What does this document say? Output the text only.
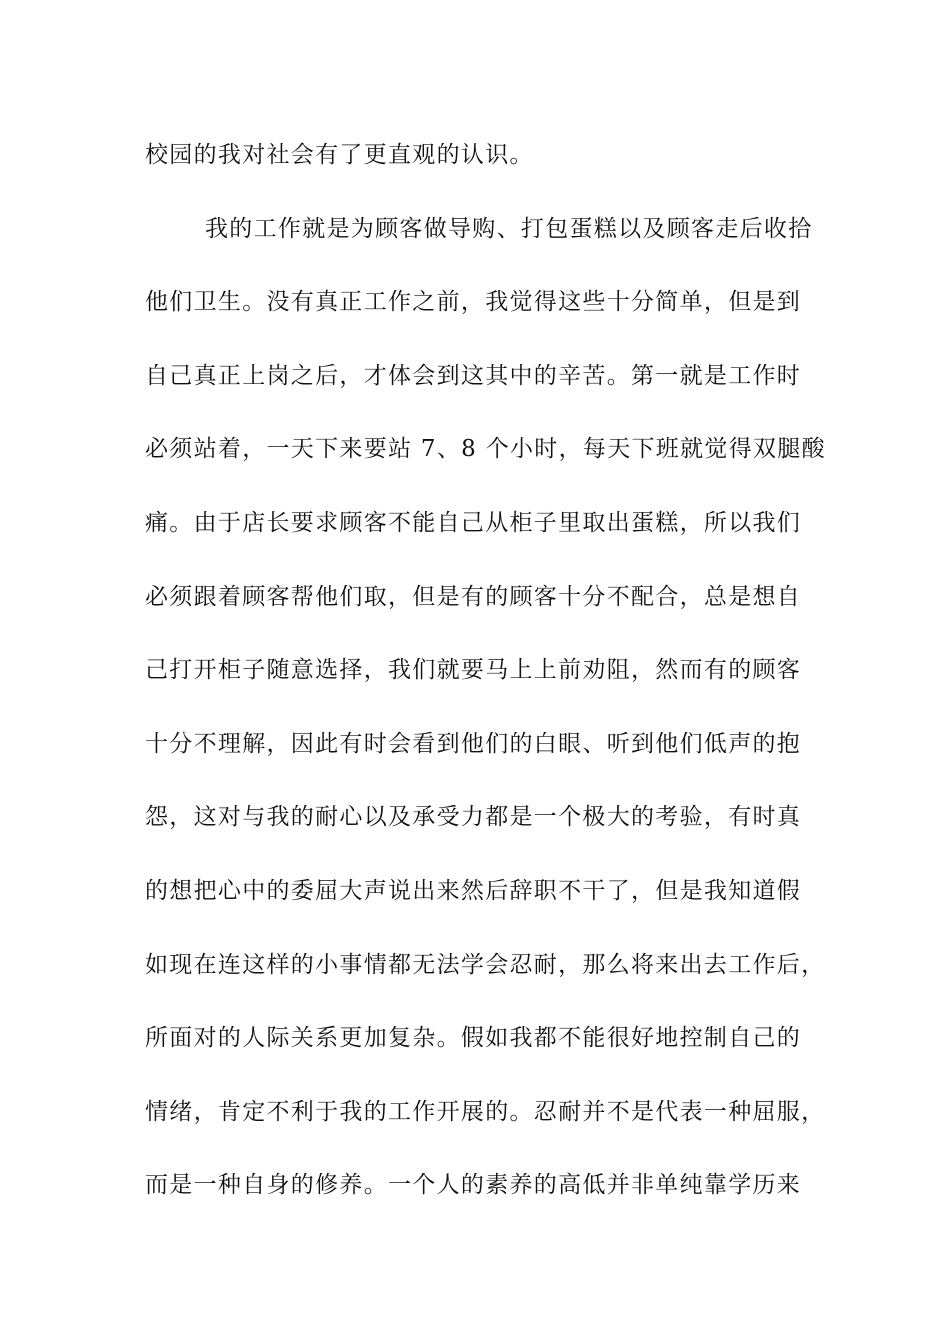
校园的我对社会有了更直观的认识。
我的工作就是为顾客做导购、打包蛋糕以及顾客走后收拾
他们卫生。没有真正工作之前，我觉得这些十分简单，但是到
自己真正上岗之后，才体会到这其中的辛苦。第一就是工作时
必须站着，一天下来要站 7、8 个小时，每天下班就觉得双腿酸
痛。由于店长要求顾客不能自己从柜子里取出蛋糕，所以我们
必须跟着顾客帮他们取，但是有的顾客十分不配合，总是想自
己打开柜子随意选择，我们就要马上上前劝阻，然而有的顾客
十分不理解，因此有时会看到他们的白眼、听到他们低声的抱
怨，这对与我的耐心以及承受力都是一个极大的考验，有时真
的想把心中的委屈大声说出来然后辞职不干了，但是我知道假
如现在连这样的小事情都无法学会忍耐，那么将来出去工作后，
所面对的人际关系更加复杂。假如我都不能很好地控制自己的
情绪，肯定不利于我的工作开展的。忍耐并不是代表一种屈服，
而是一种自身的修养。一个人的素养的高低并非单纯靠学历来
